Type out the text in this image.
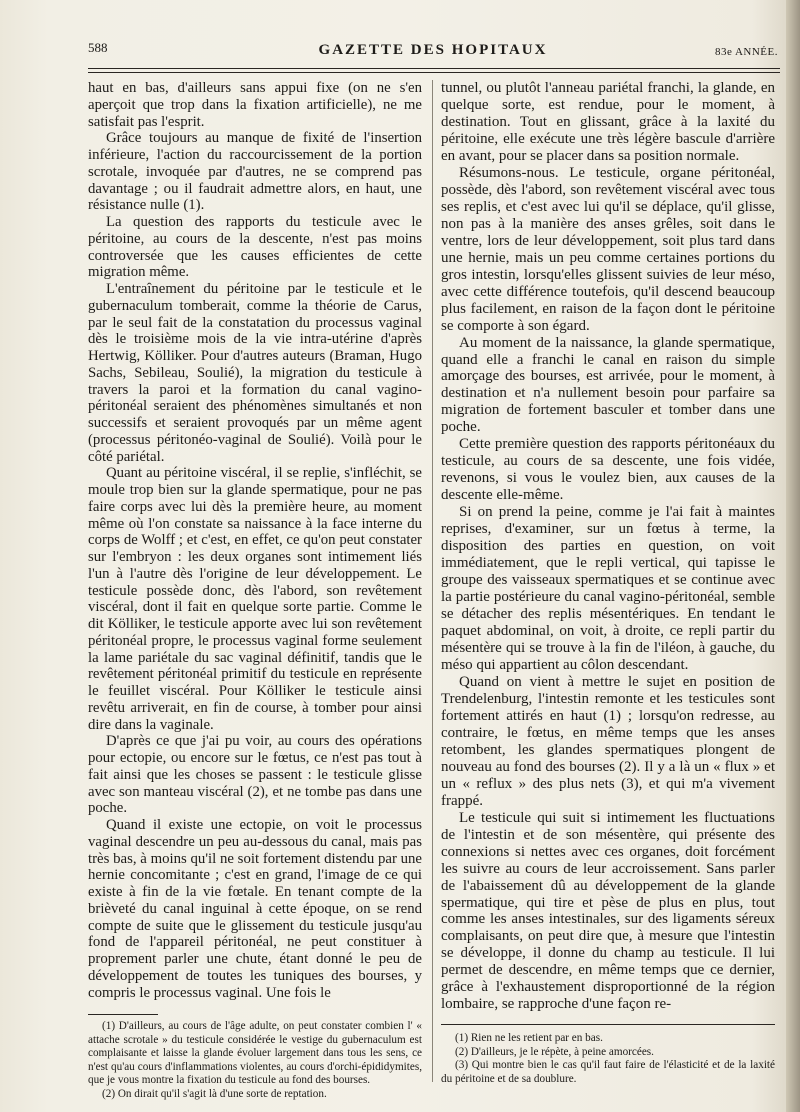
588	GAZETTE DES HOPITAUX	83e ANNÉE.

haut en bas, d'ailleurs sans appui fixe (on ne s'en aperçoit que trop dans la fixation artificielle), ne me satisfait pas l'esprit.

Grâce toujours au manque de fixité de l'insertion inférieure, l'action du raccourcissement de la portion scrotale, invoquée par d'autres, ne se comprend pas davantage ; ou il faudrait admettre alors, en haut, une résistance nulle (1).

La question des rapports du testicule avec le péritoine, au cours de la descente, n'est pas moins controversée que les causes efficientes de cette migration même.

L'entraînement du péritoine par le testicule et le gubernaculum tomberait, comme la théorie de Carus, par le seul fait de la constatation du processus vaginal dès le troisième mois de la vie intra-utérine d'après Hertwig, Kölliker. Pour d'autres auteurs (Braman, Hugo Sachs, Sebileau, Soulié), la migration du testicule à travers la paroi et la formation du canal vagino-péritonéal seraient des phénomènes simultanés et non successifs et seraient provoqués par un même agent (processus péritonéo-vaginal de Soulié). Voilà pour le côté pariétal.

Quant au péritoine viscéral, il se replie, s'infléchit, se moule trop bien sur la glande spermatique, pour ne pas faire corps avec lui dès la première heure, au moment même où l'on constate sa naissance à la face interne du corps de Wolff ; et c'est, en effet, ce qu'on peut constater sur l'embryon : les deux organes sont intimement liés l'un à l'autre dès l'origine de leur développement. Le testicule possède donc, dès l'abord, son revêtement viscéral, dont il fait en quelque sorte partie. Comme le dit Kölliker, le testicule apporte avec lui son revêtement péritonéal propre, le processus vaginal forme seulement la lame pariétale du sac vaginal définitif, tandis que le revêtement péritonéal primitif du testicule en représente le feuillet viscéral. Pour Kölliker le testicule ainsi revêtu arriverait, en fin de course, à tomber pour ainsi dire dans la vaginale.

D'après ce que j'ai pu voir, au cours des opérations pour ectopie, ou encore sur le fœtus, ce n'est pas tout à fait ainsi que les choses se passent : le testicule glisse avec son manteau viscéral (2), et ne tombe pas dans une poche.

Quand il existe une ectopie, on voit le processus vaginal descendre un peu au-dessous du canal, mais pas très bas, à moins qu'il ne soit fortement distendu par une hernie concomitante ; c'est en grand, l'image de ce qui existe à fin de la vie fœtale. En tenant compte de la brièveté du canal inguinal à cette époque, on se rend compte de suite que le glissement du testicule jusqu'au fond de l'appareil péritonéal, ne peut constituer à proprement parler une chute, étant donné le peu de développement de toutes les tuniques des bourses, y compris le processus vaginal. Une fois le

tunnel, ou plutôt l'anneau pariétal franchi, la glande, en quelque sorte, est rendue, pour le moment, à destination. Tout en glissant, grâce à la laxité du péritoine, elle exécute une très légère bascule d'arrière en avant, pour se placer dans sa position normale.

Résumons-nous. Le testicule, organe péritonéal, possède, dès l'abord, son revêtement viscéral avec tous ses replis, et c'est avec lui qu'il se déplace, qu'il glisse, non pas à la manière des anses grêles, soit dans le ventre, lors de leur développement, soit plus tard dans une hernie, mais un peu comme certaines portions du gros intestin, lorsqu'elles glissent suivies de leur méso, avec cette différence toutefois, qu'il descend beaucoup plus facilement, en raison de la façon dont le péritoine se comporte à son égard.

Au moment de la naissance, la glande spermatique, quand elle a franchi le canal en raison du simple amorçage des bourses, est arrivée, pour le moment, à destination et n'a nullement besoin pour parfaire sa migration de fortement basculer et tomber dans une poche.

Cette première question des rapports péritonéaux du testicule, au cours de sa descente, une fois vidée, revenons, si vous le voulez bien, aux causes de la descente elle-même.

Si on prend la peine, comme je l'ai fait à maintes reprises, d'examiner, sur un fœtus à terme, la disposition des parties en question, on voit immédiatement, que le repli vertical, qui tapisse le groupe des vaisseaux spermatiques et se continue avec la partie postérieure du canal vagino-péritonéal, semble se détacher des replis mésentériques. En tendant le paquet abdominal, on voit, à droite, ce repli partir du mésentère qui se trouve à la fin de l'iléon, à gauche, du méso qui appartient au côlon descendant.

Quand on vient à mettre le sujet en position de Trendelenburg, l'intestin remonte et les testicules sont fortement attirés en haut (1) ; lorsqu'on redresse, au contraire, le fœtus, en même temps que les anses retombent, les glandes spermatiques plongent de nouveau au fond des bourses (2). Il y a là un « flux » et un « reflux » des plus nets (3), et qui m'a vivement frappé.

Le testicule qui suit si intimement les fluctuations de l'intestin et de son mésentère, qui présente des connexions si nettes avec ces organes, doit forcément les suivre au cours de leur accroissement. Sans parler de l'abaissement dû au développement de la glande spermatique, qui tire et pèse de plus en plus, tout comme les anses intestinales, sur des ligaments séreux complaisants, on peut dire que, à mesure que l'intestin se développe, il donne du champ au testicule. Il lui permet de descendre, en même temps que ce dernier, grâce à l'exhaustement disproportionné de la région lombaire, se rapproche d'une façon re-

(1) D'ailleurs, au cours de l'âge adulte, on peut constater combien l' « attache scrotale » du testicule considérée le vestige du gubernaculum est complaisante et laisse la glande évoluer largement dans tous les sens, ce n'est qu'au cours d'inflammations violentes, au cours d'orchi-épididymites, que je vous montre la fixation du testicule au fond des bourses.

(2) On dirait qu'il s'agit là d'une sorte de reptation.

(1) Rien ne les retient par en bas.

(2) D'ailleurs, je le répète, à peine amorcées.

(3) Qui montre bien le cas qu'il faut faire de l'élasticité et de la laxité du péritoine et de sa doublure.
